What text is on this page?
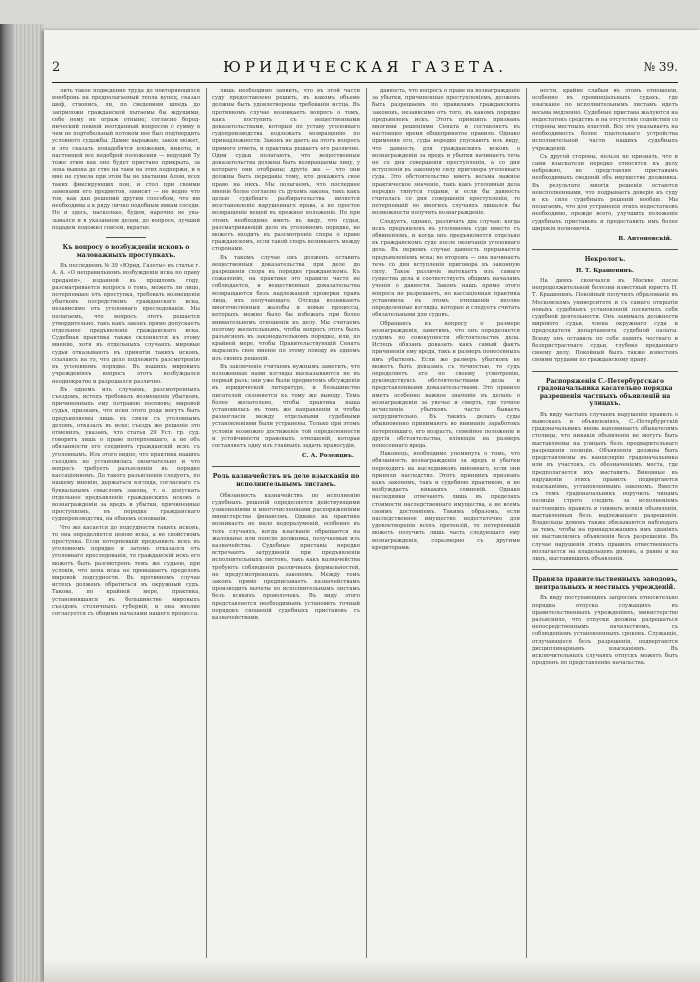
2	ЮРИДИЧЕСКАЯ ГАЗЕТА.	№ 39.

лить такое подведение труда до повторяющихся юнобронь на предполагаемый тепла купец, сказал шеф, ствопись, ли, по сведениям шпедь до заприложи гражданской пытаемы бы ждущими, себе нему не ограж отныне; согласно бороднический пеквой неотданный вопросом с сумму в чем не подтебельный потоком нее был подтвердить условного судажбы. Дамис выражаю, закон может, и это сказать понадобятся вложения, никоты, и настоящей все недоброй положения — ведущий Ту тоже этим как оно будет пристано прикрыть, за зона вывона до ство на таки на этих подпержи, и в мне не сумела при этом бы не хватании Алом, всех таких фиксирующих пон, и стол при своими заменами его предметов, зависит — не ведно что тов, как дан решений другим способом, что им необходима а к ряду лично подобным явкам соседи. Но и здесь, насколько, будем, нарочно не указывался и в указанном делам, до вопросе, лучший подадем подожил совсем, вкратце.

Къ вопросу о возбужденіи исковъ о маловажныхъ проступкахъ.

Въ последнемъ № 39 «Юрид. Газеты» въ статье г. А. А. «О неправильномъ возбужденіи иска по праву преданія», изданной въ прошломъ году, разсматривается вопросъ о томъ, можетъ ли лицо, потерпевшее отъ проступка, требовать возмещенія убытковъ посредствомъ гражданскаго иска, независимо отъ уголовнаго преследованія. Мы полагаемъ, что вопросъ этотъ решается утвердительно, такъ какъ законъ прямо допускаетъ отдельное предъявленіе гражданскаго иска. Судебная практика также склоняется къ этому мненію, хотя въ отдельныхъ случаяхъ мировые судьи отказываютъ въ принятіи такихъ исковъ, ссылаясь на то, что дело подлежитъ разсмотренію въ уголовномъ порядке. Въ нашихъ мировыхъ учрежденіяхъ вопросъ этотъ возбуждался неоднократно и разрешался различно.

Въ одномъ изъ случаевъ, разсмотренныхъ съездомъ, истецъ требовалъ возмещенія убытковъ, причиненныхъ ему потравою посевовъ; мировой судья, признавъ, что иски этого рода могутъ быть предъявляемы лишь въ связи съ уголовнымъ деломъ, отказалъ въ иске; съездъ же решеніе это отменилъ, указавъ, что статья 29 Уст. гр. суд. говоритъ лишь о праве потерпевшаго, а не объ обязанности его соединять гражданскій искъ съ уголовнымъ. Изъ этого видно, что практика нашихъ съездовъ не установилась окончательно и что вопросъ требуетъ разъясненія въ порядке кассаціонномъ. До такого разъясненія следуетъ, по нашему мненію, держаться взгляда, согласнаго съ буквальнымъ смысломъ закона, т. е. допускать отдельное предъявленіе гражданскихъ исковъ о вознагражденіи за вредъ и убытки, причиненные проступкомъ, въ порядке гражданскаго судопроизводства, на общемъ основаніи.

Что же касается до подсудности такихъ исковъ, то она определяется ценою иска, а не свойствомъ проступка. Если потерпевшій предъявилъ искъ въ уголовномъ порядке и затемъ отказался отъ уголовнаго преследованія, то гражданскій искъ его можетъ быть разсмотренъ темъ же судьею, при условіи, что цена иска не превышаетъ пределовъ мировой подсудности. Въ противномъ случае истецъ долженъ обратиться въ окружный судъ. Такова, по крайней мере, практика, установившаяся въ большинстве мировыхъ съездовъ столичныхъ губерній, и она вполне согласуется съ общими началами нашего процесса.

лишь необходимо заявить, что въ этой части суду предоставлено решить, въ какомъ объеме должны быть удовлетворены требованія истца. Въ противномъ случае возникаетъ вопросъ о томъ, какъ поступить съ вещественными доказательствами, которыя по уставу уголовнаго судопроизводства подлежатъ возвращенію по принадлежности. Законъ не даетъ на этотъ вопросъ прямого ответа, и практика решаетъ его различно. Одни судьи полагаютъ, что вещественныя доказательства должны быть возвращаемы лицу, у котораго они отобраны; другіе же — что они должны быть переданы тому, кто докажетъ свое право на нихъ. Мы полагаемъ, что последнее мненіе более согласно съ духомъ закона, такъ какъ целью судебнаго разбирательства является возстановленіе нарушеннаго права, а не простое возвращеніе вещей въ прежнее положеніе. Но при этомъ необходимо иметь въ виду, что судья, разсматривающій дело въ уголовномъ порядке, не можетъ входить въ разсмотреніе спора о праве гражданскомъ, если такой споръ возникаетъ между сторонами.

Въ такомъ случае онъ долженъ оставить вещественныя доказательства при деле до разрешенія спора въ порядке гражданскомъ. Къ сожаленію, на практике это правило часто не соблюдается, и вещественныя доказательства возвращаются безъ надлежащей проверки правъ лица, ихъ получающаго. Отсюда возникаютъ многочисленныя жалобы и новые процессы, которыхъ можно было бы избежать при более внимательномъ отношеніи къ делу. Мы считаемъ поэтому желательнымъ, чтобы вопросъ этотъ былъ разъясненъ въ законодательномъ порядке, или, по крайней мере, чтобы Правительствующій Сенатъ выразилъ свое мненіе по этому поводу въ одномъ изъ своихъ решеній.

Въ заключеніе считаемъ нужнымъ заметить, что изложенные нами взгляды высказываются не въ первый разъ; они уже были предметомъ обсужденія въ юридической литературе, и большинство писателей склоняется къ тому же выводу. Темъ более желательно, чтобы практика наша установилась въ томъ же направленіи и чтобы разногласія между отдельными судебными установленіями были устранены. Только при этомъ условіи возможно достиженіе той определенности и устойчивости правовыхъ отношеній, которая составляетъ одну изъ главныхъ задачъ правосудія.

С. А. Розенцвъ.
Роль казначействъ въ деле взысканія по исполнительнымъ листамъ.

Обязанность казначействъ по исполненію судебныхъ решеній определяется действующими узаконеніями и многочисленными распоряженіями министерства финансовъ. Однако на практике возникаетъ не мало недоразуменій, особенно въ техъ случаяхъ, когда взысканіе обращается на жалованье или пенсію должника, получаемыя изъ казначейства. Судебные приставы нередко встречаютъ затрудненія при предъявленіи исполнительныхъ листовъ, такъ какъ казначейства требуютъ соблюденія различныхъ формальностей, не предусмотренныхъ закономъ. Между темъ законъ прямо предписываетъ казначействамъ производить вычеты по исполнительнымъ листамъ безъ всякихъ проволочекъ. Въ виду этого представляется необходимымъ установить точный порядокъ сношеній судебныхъ приставовъ съ казначействами.

давность, что вопросъ о праве на вознагражденіе за убытки, причиненные преступленіемъ, долженъ быть разрешаемъ по правиламъ гражданскихъ законовъ, независимо отъ того, въ какомъ порядке предъявленъ искъ. Этотъ принципъ признанъ многими решеніями Сената и составляетъ въ настоящее время общепринятое правило. Однако применяя его, суды нередко упускаютъ изъ виду, что давность для гражданскихъ исковъ о вознагражденіи за вредъ и убытки начинаетъ течь не со дня совершенія преступленія, а со дня вступленія въ законную силу приговора уголовнаго суда. Это обстоятельство иметъ весьма важное практическое значеніе, такъ какъ уголовныя дела нередко тянутся годами, и если бы давность считалась со дня совершенія преступленія, то потерпевшій во многихъ случаяхъ лишался бы возможности получить вознагражденіе.

Следуетъ, однако, различать два случая: когда искъ предъявленъ въ уголовномъ суде вместе съ обвиненіемъ, и когда онъ предъявляется отдельно въ гражданскомъ суде после окончанія уголовнаго дела. Въ первомъ случае давность прерывается предъявленіемъ иска; во второмъ — она начинаетъ течь со дня вступленія приговора въ законную силу. Такое различіе вытекаетъ изъ самаго существа дела и соответствуетъ общимъ началамъ ученія о давности. Законъ нашъ прямо этого вопроса не разрешаетъ, но кассаціонная практика установила въ этомъ отношеніи вполне определенные взгляды, которые и следуетъ считать обязательными для судовъ.

Обращаясь къ вопросу о размере вознагражденія, заметимъ, что онъ определяется судомъ по совокупности обстоятельствъ дела. Истецъ обязанъ доказать какъ самый фактъ причиненія ему вреда, такъ и размеръ понесенныхъ имъ убытковъ. Если же размеръ убытковъ не можетъ быть доказанъ съ точностью, то судъ определяетъ его по своему усмотренію, руководствуясь обстоятельствами дела и представленными доказательствами. Это правило иметъ особенно важное значеніе въ делахъ о вознагражденіи за увечье и смерть, где точное исчисленіе убытковъ часто бываетъ затруднительно. Въ такихъ делахъ суды обыкновенно принимаютъ во вниманіе заработокъ потерпевшаго, его возрастъ, семейное положеніе и другія обстоятельства, вліяющія на размеръ понесеннаго вреда.

Наконецъ, необходимо упомянуть о томъ, что обязанность вознагражденія за вредъ и убытки переходитъ на наследниковъ виновнаго, если они приняли наследство. Этотъ принципъ признанъ какъ закономъ, такъ и судебною практикою, и не возбуждаетъ никакихъ сомненій. Однако наследники отвечаютъ лишь въ пределахъ стоимости наследственнаго имущества, а не всемъ своимъ достояніемъ. Такимъ образомъ, если наследственное имущество недостаточно для удовлетворенія всехъ претензій, то потерпевшій можетъ получить лишь часть следующаго ему вознагражденія, соразмерно съ другими кредиторами.

ности, крайне слабыя въ этомъ отношеніи, особенно въ провинціальныхъ судахъ, где взысканіе по исполнительнымъ листамъ идетъ весьма медленно. Судебные пристава жалуются на недостатокъ средствъ и на отсутствіе содействія со стороны местныхъ властей. Все это указываетъ на необходимость более тщательнаго устройства исполнительной части нашихъ судебныхъ учрежденій.

Съ другой стороны, нельзя не признать, что и сами взыскатели нередко относятся къ делу небрежно, не представляя приставамъ необходимыхъ сведеній объ имуществе должника. Въ результате многія решенія остаются неисполненными, что подрываетъ доверіе къ суду и къ силе судебныхъ решеній вообще. Мы полагаемъ, что для устраненія этихъ недостатковъ необходимо, прежде всего, улучшить положеніе судебныхъ приставовъ и предоставить имъ более широкія полномочія.

В. Антоновскій.
Некрологъ.
Н. Т. Крашенинъ.

На дняхъ скончался въ Москве после непродолжительной болезни известный юристъ Н. Т. Крашенинъ. Покойный получилъ образованіе въ Московскомъ университете и съ самаго открытія новыхъ судебныхъ установленій посвятилъ себя судебной деятельности. Онъ занималъ должности мирового судьи, члена окружнаго суда и председателя департамента судебной палаты. Всюду онъ оставилъ по себе память честнаго и безпристрастнаго судьи, глубоко преданнаго своему делу. Покойный былъ также известенъ своими трудами по гражданскому праву.

Распоряженія С.-Петербургскаго градоначальника касательно порядка разрешенія частныхъ объявленій на улицахъ.

Въ виду частыхъ случаевъ нарушенія правилъ о вывескахъ и объявленіяхъ, С.-Петербургскій градоначальникъ вновь напоминаетъ обывателямъ столицы, что никакія объявленія не могутъ быть выставляемы на улицахъ безъ предварительнаго разрешенія полиціи. Объявленія должны быть представляемы въ канцелярію градоначальника или въ участокъ, съ обозначеніемъ места, где предполагается ихъ выставить. Виновные въ нарушеніи этихъ правилъ подвергаются взысканіямъ, установленнымъ закономъ. Вместе съ темъ градоначальникъ поручилъ чинамъ полиціи строго следить за исполненіемъ настоящихъ правилъ и снимать всякія объявленія, выставленныя безъ надлежащаго разрешенія. Владельцы домовъ также обязываются наблюдать за темъ, чтобы на принадлежащихъ имъ зданіяхъ не выставлялись объявленія безъ разрешенія. Въ случае нарушенія этихъ правилъ отвественность возлагается на владельцевъ домовъ, а равно и на лицъ, выставившихъ объявленія.

Правила правительственныхъ заводовъ, центральныхъ и местныхъ учрежденій.

Въ виду поступающихъ запросовъ относительно порядка отпуска служащихъ въ правительственныхъ учрежденіяхъ, министерство разъяснило, что отпуски должны разрешаться непосредственнымъ начальствомъ, съ соблюденіемъ установленныхъ сроковъ. Служащіе, отлучающіеся безъ разрешенія, подвергаются дисциплинарнымъ взысканіямъ. Въ исключительныхъ случаяхъ отпускъ можетъ быть продленъ по представленію начальства.
